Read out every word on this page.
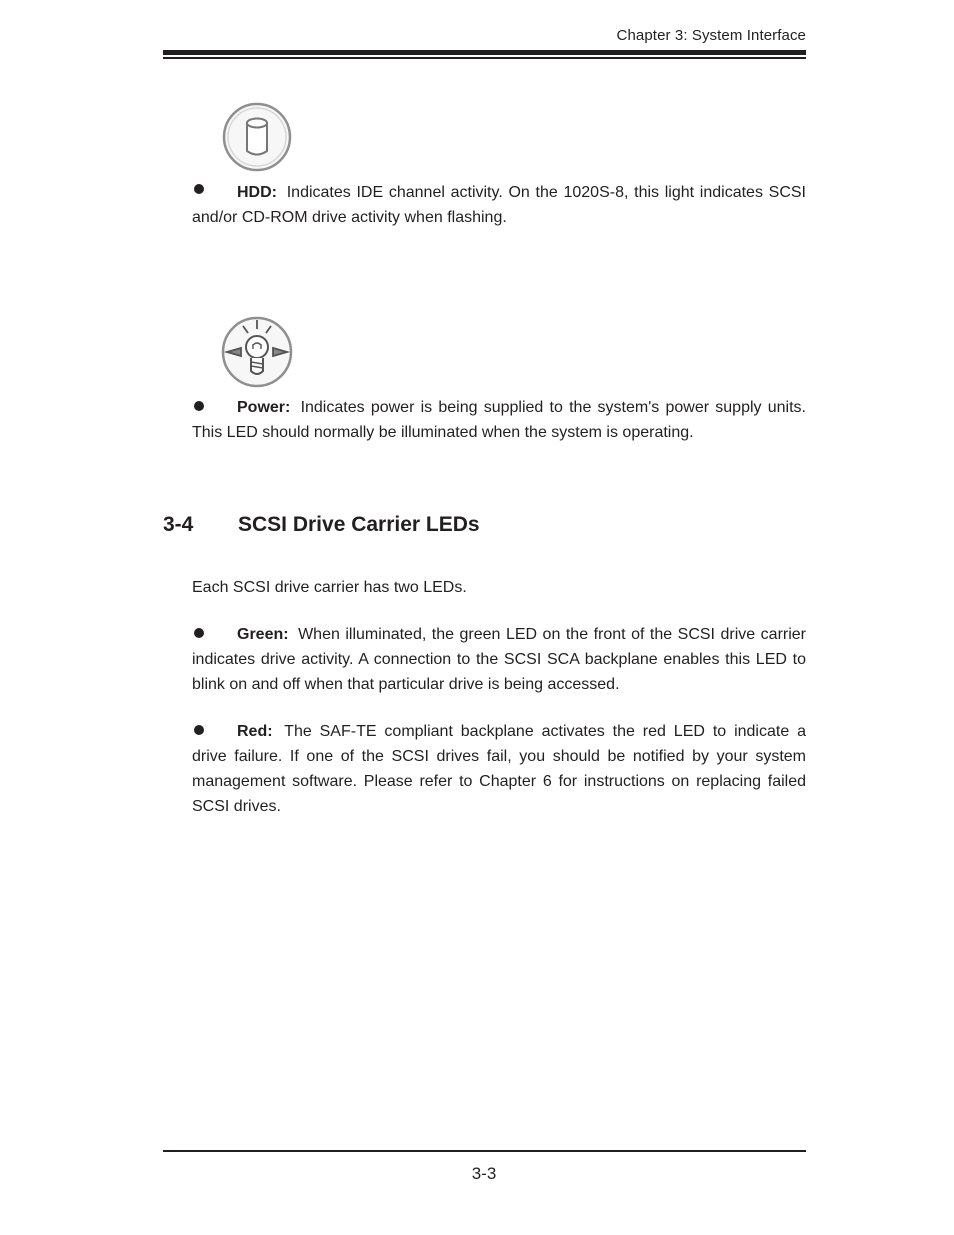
Chapter 3: System Interface
HDD: Indicates IDE channel activity. On the 1020S-8, this light indicates SCSI and/or CD-ROM drive activity when flashing.
Power: Indicates power is being supplied to the system's power supply units. This LED should normally be illuminated when the system is operating.
3-4 SCSI Drive Carrier LEDs
Each SCSI drive carrier has two LEDs.
Green: When illuminated, the green LED on the front of the SCSI drive carrier indicates drive activity. A connection to the SCSI SCA backplane enables this LED to blink on and off when that particular drive is being accessed.
Red: The SAF-TE compliant backplane activates the red LED to indicate a drive failure. If one of the SCSI drives fail, you should be notified by your system management software. Please refer to Chapter 6 for instructions on replacing failed SCSI drives.
3-3
